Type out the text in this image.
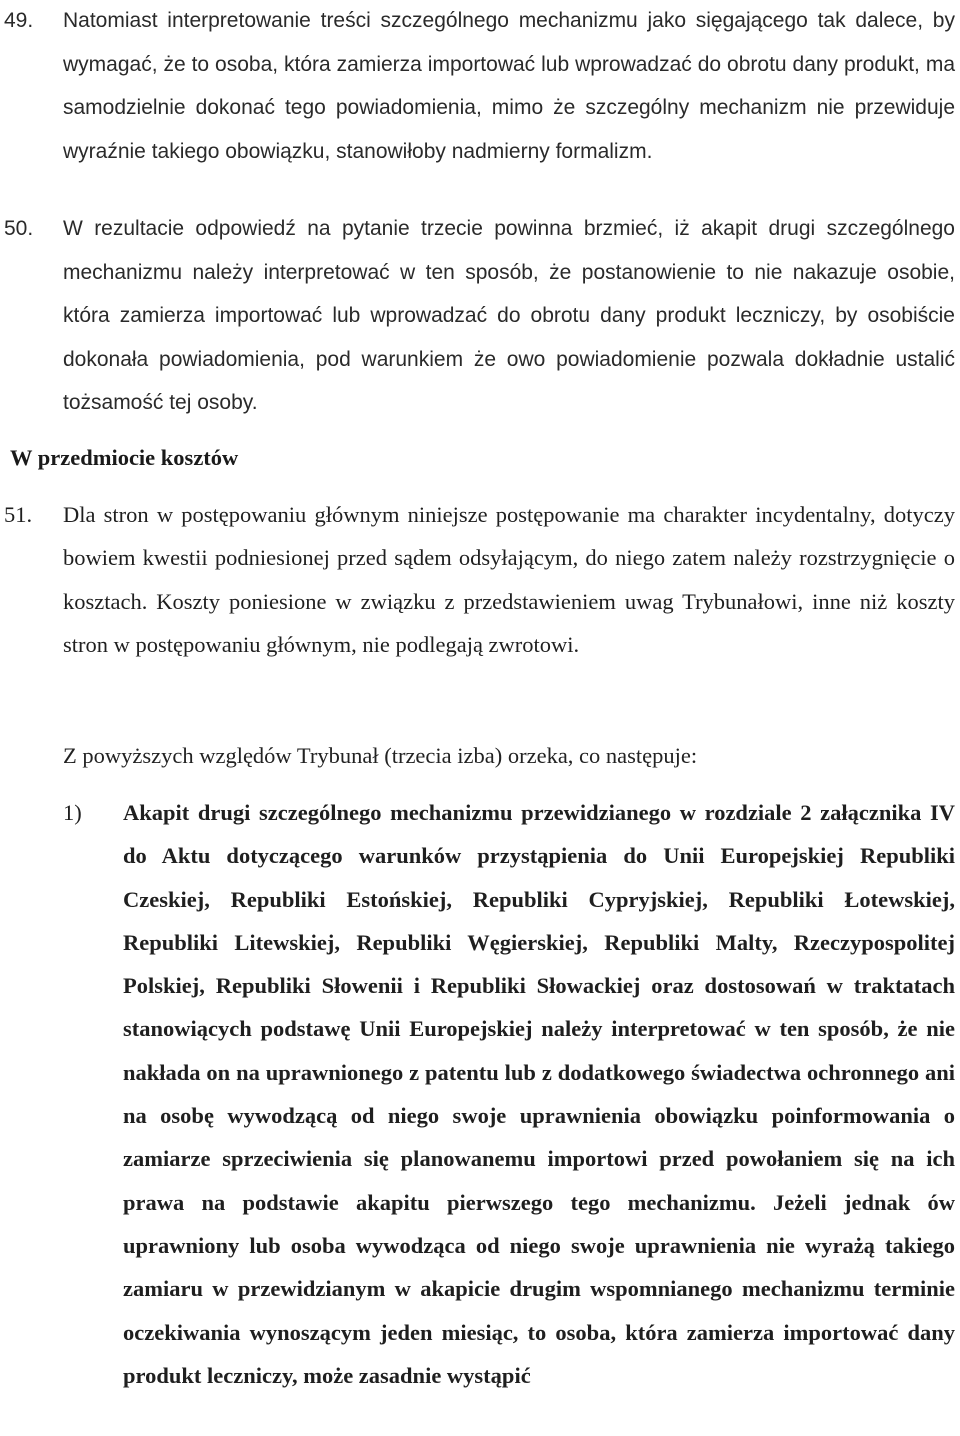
49. Natomiast interpretowanie treści szczególnego mechanizmu jako sięgającego tak dalece, by wymagać, że to osoba, która zamierza importować lub wprowadzać do obrotu dany produkt, ma samodzielnie dokonać tego powiadomienia, mimo że szczególny mechanizm nie przewiduje wyraźnie takiego obowiązku, stanowiłoby nadmierny formalizm.
50. W rezultacie odpowiedź na pytanie trzecie powinna brzmieć, iż akapit drugi szczególnego mechanizmu należy interpretować w ten sposób, że postanowienie to nie nakazuje osobie, która zamierza importować lub wprowadzać do obrotu dany produkt leczniczy, by osobiście dokonała powiadomienia, pod warunkiem że owo powiadomienie pozwala dokładnie ustalić tożsamość tej osoby.
W przedmiocie kosztów
51. Dla stron w postępowaniu głównym niniejsze postępowanie ma charakter incydentalny, dotyczy bowiem kwestii podniesionej przed sądem odsyłającym, do niego zatem należy rozstrzygnięcie o kosztach. Koszty poniesione w związku z przedstawieniem uwag Trybunałowi, inne niż koszty stron w postępowaniu głównym, nie podlegają zwrotowi.
Z powyższych względów Trybunał (trzecia izba) orzeka, co następuje:
1) Akapit drugi szczególnego mechanizmu przewidzianego w rozdziale 2 załącznika IV do Aktu dotyczącego warunków przystąpienia do Unii Europejskiej Republiki Czeskiej, Republiki Estońskiej, Republiki Cypryjskiej, Republiki Łotewskiej, Republiki Litewskiej, Republiki Węgierskiej, Republiki Malty, Rzeczypospolitej Polskiej, Republiki Słowenii i Republiki Słowackiej oraz dostosowań w traktatach stanowiących podstawę Unii Europejskiej należy interpretować w ten sposób, że nie nakłada on na uprawnionego z patentu lub z dodatkowego świadectwa ochronnego ani na osobę wywodzącą od niego swoje uprawnienia obowiązku poinformowania o zamiarze sprzeciwienia się planowanemu importowi przed powołaniem się na ich prawa na podstawie akapitu pierwszego tego mechanizmu. Jeżeli jednak ów uprawniony lub osoba wywodząca od niego swoje uprawnienia nie wyrażą takiego zamiaru w przewidzianym w akapicie drugim wspomnianego mechanizmu terminie oczekiwania wynoszącym jeden miesiąc, to osoba, która zamierza importować dany produkt leczniczy, może zasadnie wystąpić
